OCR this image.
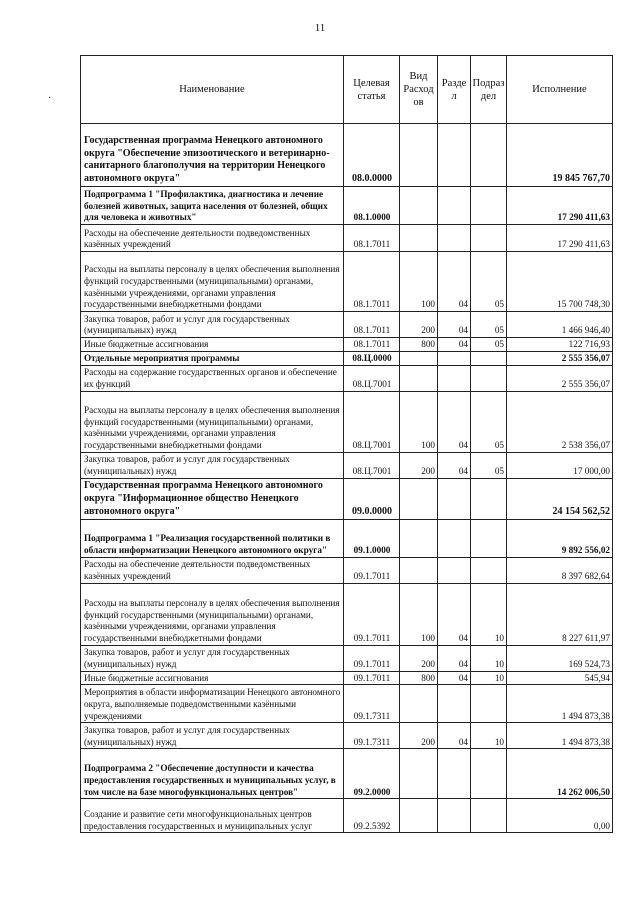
11
·
Наименование	Целевая статья	Вид Расход ов	Разде л	Подраз дел	Исполнение
Государственная программа Ненецкого автономного округа "Обеспечение эпизоотического и ветеринарно-санитарного благополучия на территории Ненецкого автономного округа"	08.0.0000				19 845 767,70
Подпрограмма 1 "Профилактика, диагностика и лечение болезней животных, защита населения от болезней, общих для человека и животных"	08.1.0000				17 290 411,63
Расходы на обеспечение деятельности подведомственных казённых учреждений	08.1.7011				17 290 411,63
Расходы на выплаты персоналу в целях обеспечения выполнения функций государственными (муниципальными) органами, казёнными учреждениями, органами управления государственными внебюджетными фондами	08.1.7011	100	04	05	15 700 748,30
Закупка товаров, работ и услуг для государственных (муниципальных) нужд	08.1.7011	200	04	05	1 466 946,40
Иные бюджетные ассигнования	08.1.7011	800	04	05	122 716,93
Отдельные мероприятия программы	08.Ц.0000				2 555 356,07
Расходы на содержание государственных органов и обеспечение их функций	08.Ц.7001				2 555 356,07
Расходы на выплаты персоналу в целях обеспечения выполнения функций государственными (муниципальными) органами, казёнными учреждениями, органами управления государственными внебюджетными фондами	08.Ц.7001	100	04	05	2 538 356,07
Закупка товаров, работ и услуг для государственных (муниципальных) нужд	08.Ц.7001	200	04	05	17 000,00
Государственная программа Ненецкого автономного округа "Информационное общество Ненецкого автономного округа"	09.0.0000				24 154 562,52
Подпрограмма 1 "Реализация государственной политики в области информатизации Ненецкого автономного округа"	09.1.0000				9 892 556,02
Расходы на обеспечение деятельности подведомственных казённых учреждений	09.1.7011				8 397 682,64
Расходы на выплаты персоналу в целях обеспечения выполнения функций государственными (муниципальными) органами, казёнными учреждениями, органами управления государственными внебюджетными фондами	09.1.7011	100	04	10	8 227 611,97
Закупка товаров, работ и услуг для государственных (муниципальных) нужд	09.1.7011	200	04	10	169 524,73
Иные бюджетные ассигнования	09.1.7011	800	04	10	545,94
Мероприятия в области информатизации Ненецкого автономного округа, выполняемые подведомственными казёнными учреждениями	09.1.7311				1 494 873,38
Закупка товаров, работ и услуг для государственных (муниципальных) нужд	09.1.7311	200	04	10	1 494 873,38
Подпрограмма 2 "Обеспечение доступности и качества предоставления государственных и муниципальных услуг, в том числе на базе многофункциональных центров"	09.2.0000				14 262 006,50
Создание и развитие сети многофункциональных центров предоставления государственных и муниципальных услуг	09.2.5392				0,00
